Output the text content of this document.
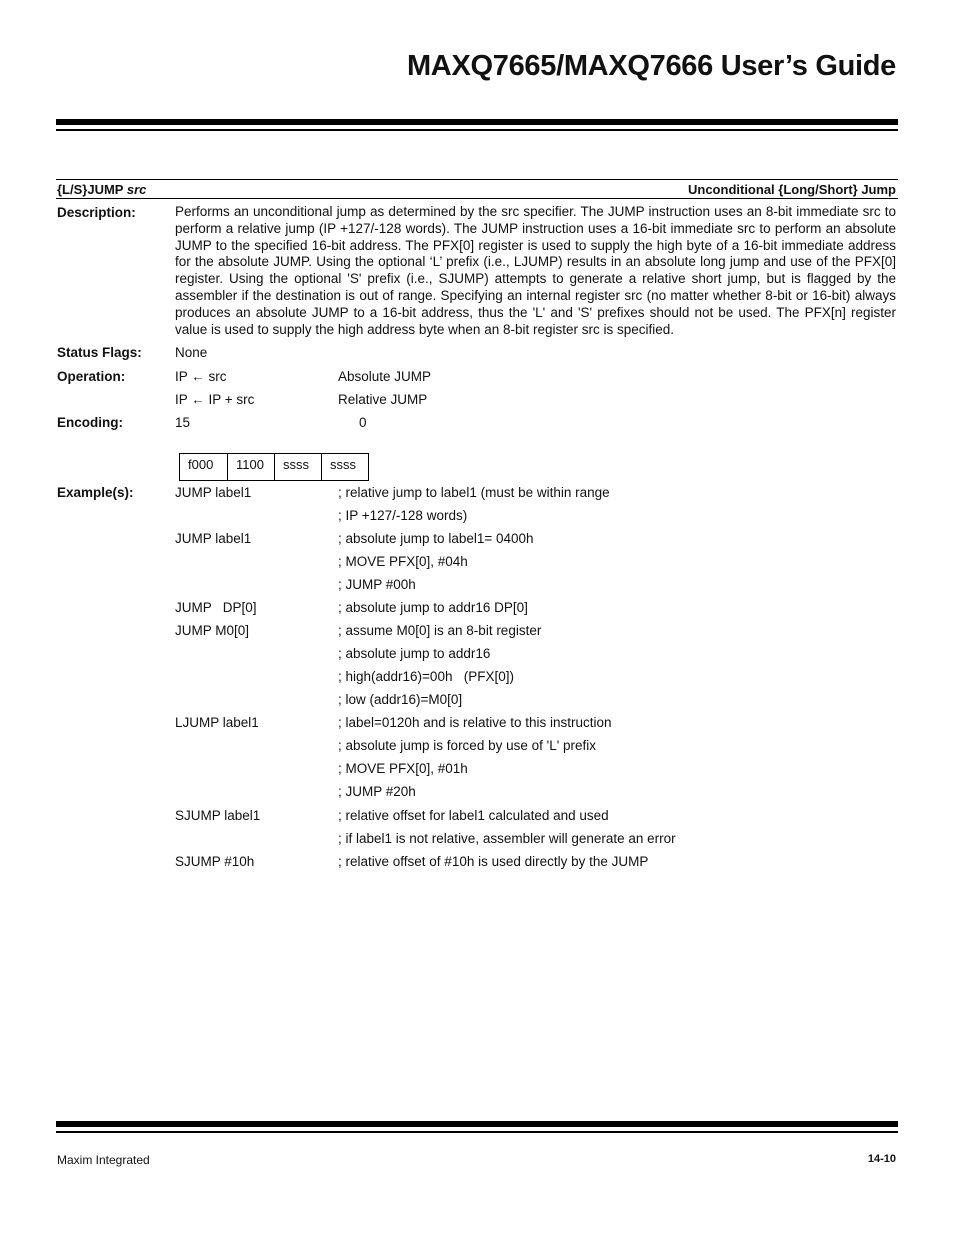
MAXQ7665/MAXQ7666 User’s Guide
{L/S}JUMP src	Unconditional {Long/Short} Jump
Description:	Performs an unconditional jump as determined by the src specifier. The JUMP instruction uses an 8-bit immediate src to perform a relative jump (IP +127/-128 words). The JUMP instruction uses a 16-bit immediate src to perform an absolute JUMP to the specified 16-bit address. The PFX[0] register is used to supply the high byte of a 16-bit immediate address for the absolute JUMP. Using the optional ‘L’ prefix (i.e., LJUMP) results in an absolute long jump and use of the PFX[0] register. Using the optional 'S' prefix (i.e., SJUMP) attempts to generate a relative short jump, but is flagged by the assembler if the destination is out of range. Specifying an internal register src (no matter whether 8-bit or 16-bit) always produces an absolute JUMP to a 16-bit address, thus the 'L' and 'S' prefixes should not be used. The PFX[n] register value is used to supply the high address byte when an 8-bit register src is specified.
Status Flags: None
Operation:	IP ← src	Absolute JUMP
IP ← IP + src	Relative JUMP
Encoding:	15	0
f000	1100	ssss	ssss
Example(s):	JUMP label1	; relative jump to label1 (must be within range
; IP +127/-128 words)
JUMP label1	; absolute jump to label1= 0400h
; MOVE PFX[0], #04h
; JUMP #00h
JUMP   DP[0]	; absolute jump to addr16 DP[0]
JUMP M0[0]	; assume M0[0] is an 8-bit register
; absolute jump to addr16
; high(addr16)=00h   (PFX[0])
; low (addr16)=M0[0]
LJUMP label1	; label=0120h and is relative to this instruction
; absolute jump is forced by use of 'L' prefix
; MOVE PFX[0], #01h
; JUMP #20h
SJUMP label1	; relative offset for label1 calculated and used
; if label1 is not relative, assembler will generate an error
SJUMP #10h	; relative offset of #10h is used directly by the JUMP
Maxim Integrated	14-10
